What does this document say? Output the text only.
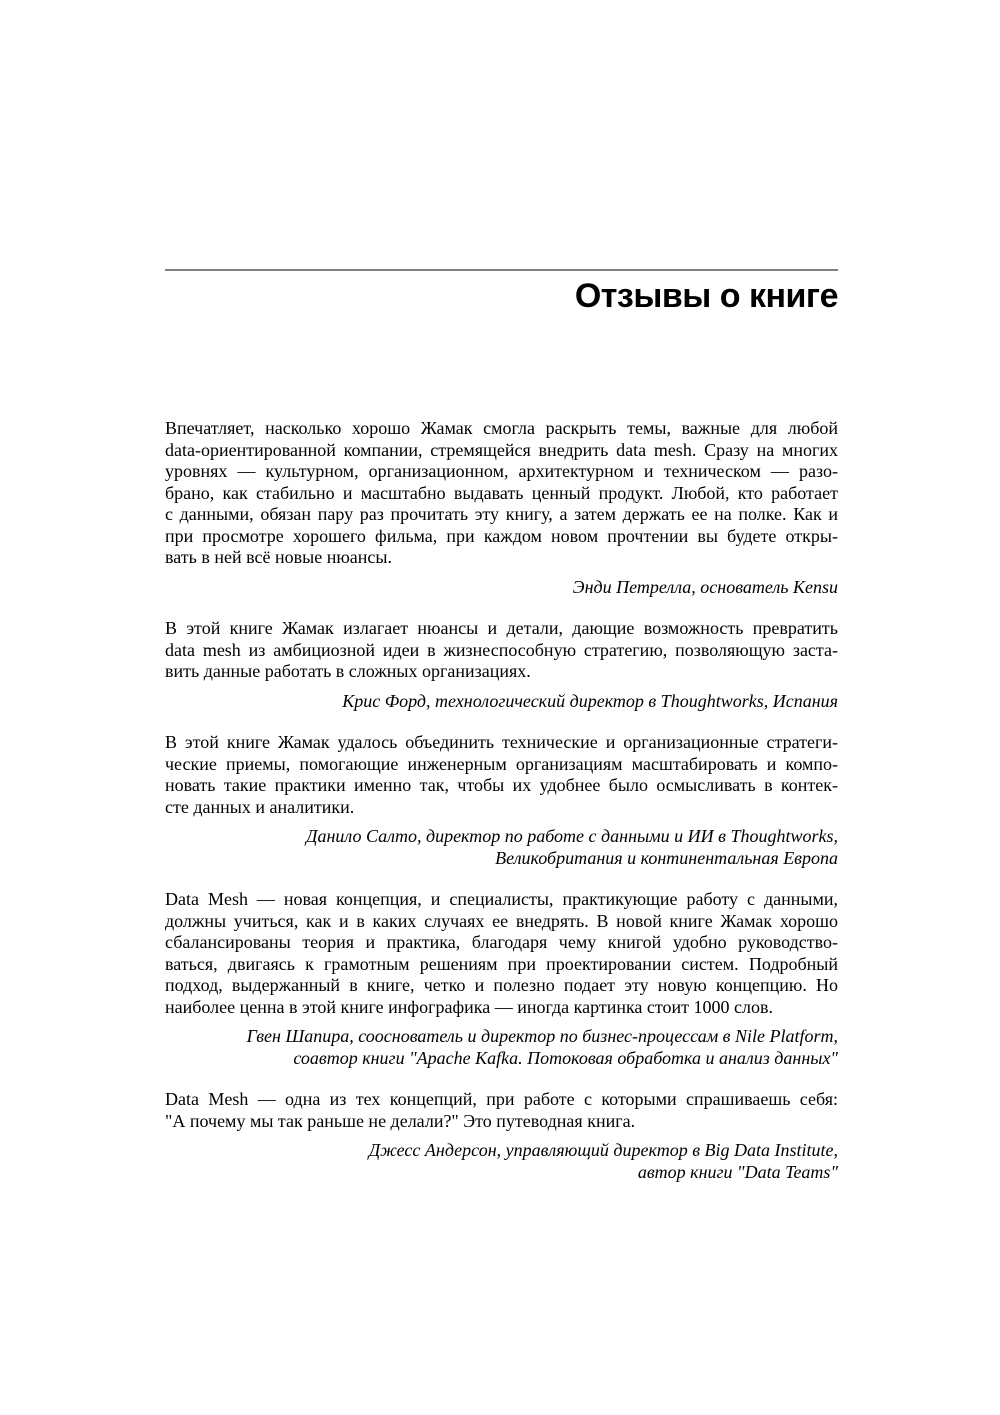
Отзывы о книге
Впечатляет, насколько хорошо Жамак смогла раскрыть темы, важные для любой
data-ориентированной компании, стремящейся внедрить data mesh. Сразу на многих
уровнях — культурном, организационном, архитектурном и техническом — разо-
брано, как стабильно и масштабно выдавать ценный продукт. Любой, кто работает
с данными, обязан пару раз прочитать эту книгу, а затем держать ее на полке. Как и
при просмотре хорошего фильма, при каждом новом прочтении вы будете откры-
вать в ней всё новые нюансы.
Энди Петрелла, основатель Kensu
В этой книге Жамак излагает нюансы и детали, дающие возможность превратить
data mesh из амбициозной идеи в жизнеспособную стратегию, позволяющую заста-
вить данные работать в сложных организациях.
Крис Форд, технологический директор в Thoughtworks, Испания
В этой книге Жамак удалось объединить технические и организационные стратеги-
ческие приемы, помогающие инженерным организациям масштабировать и компо-
новать такие практики именно так, чтобы их удобнее было осмысливать в контек-
сте данных и аналитики.
Данило Салто, директор по работе с данными и ИИ в Thoughtworks,
Великобритания и континентальная Европа
Data Mesh — новая концепция, и специалисты, практикующие работу с данными,
должны учиться, как и в каких случаях ее внедрять. В новой книге Жамак хорошо
сбалансированы теория и практика, благодаря чему книгой удобно руководство-
ваться, двигаясь к грамотным решениям при проектировании систем. Подробный
подход, выдержанный в книге, четко и полезно подает эту новую концепцию. Но
наиболее ценна в этой книге инфографика — иногда картинка стоит 1000 слов.
Гвен Шапира, сооснователь и директор по бизнес-процессам в Nile Platform,
соавтор книги "Apache Kafka. Потоковая обработка и анализ данных"
Data Mesh — одна из тех концепций, при работе с которыми спрашиваешь себя:
"А почему мы так раньше не делали?" Это путеводная книга.
Джесс Андерсон, управляющий директор в Big Data Institute,
автор книги "Data Teams"
